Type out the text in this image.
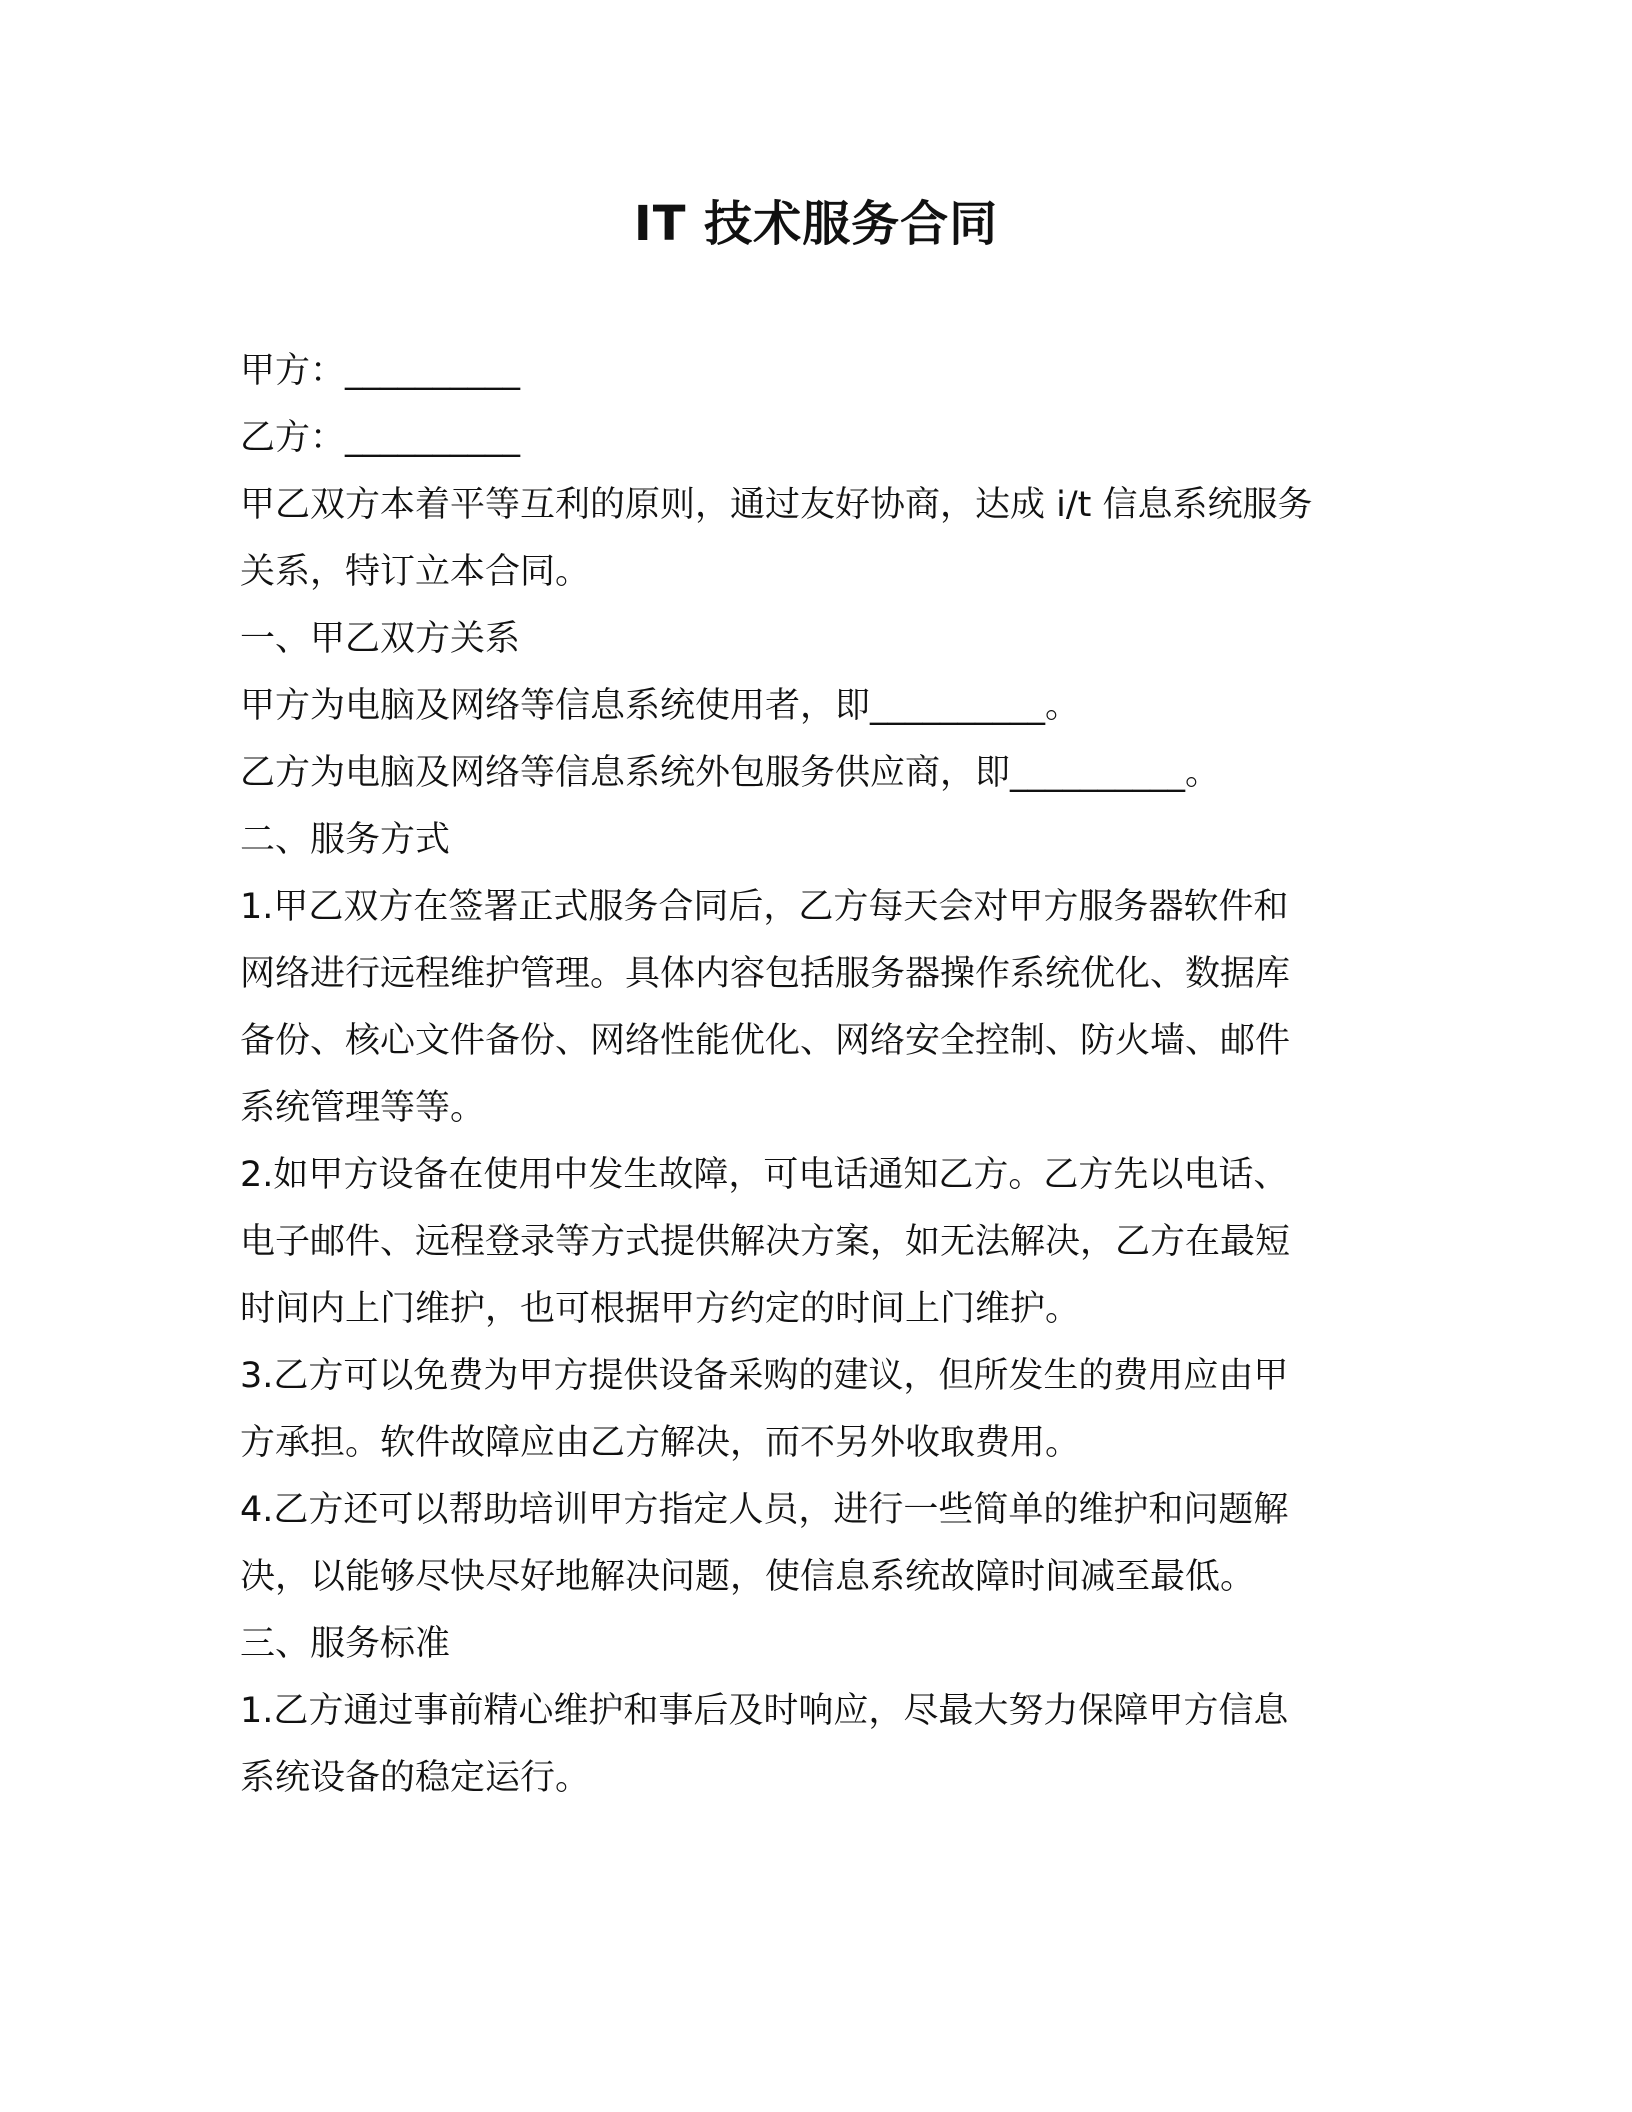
IT 技术服务合同
甲方：__________
乙方：__________
甲乙双方本着平等互利的原则，通过友好协商，达成 i/t 信息系统服务
关系，特订立本合同。
一、甲乙双方关系
甲方为电脑及网络等信息系统使用者，即__________。
乙方为电脑及网络等信息系统外包服务供应商，即__________。
二、服务方式
1.甲乙双方在签署正式服务合同后，乙方每天会对甲方服务器软件和
网络进行远程维护管理。具体内容包括服务器操作系统优化、数据库
备份、核心文件备份、网络性能优化、网络安全控制、防火墙、邮件
系统管理等等。
2.如甲方设备在使用中发生故障，可电话通知乙方。乙方先以电话、
电子邮件、远程登录等方式提供解决方案，如无法解决，乙方在最短
时间内上门维护，也可根据甲方约定的时间上门维护。
3.乙方可以免费为甲方提供设备采购的建议，但所发生的费用应由甲
方承担。软件故障应由乙方解决，而不另外收取费用。
4.乙方还可以帮助培训甲方指定人员，进行一些简单的维护和问题解
决，以能够尽快尽好地解决问题，使信息系统故障时间减至最低。
三、服务标准
1.乙方通过事前精心维护和事后及时响应，尽最大努力保障甲方信息
系统设备的稳定运行。
